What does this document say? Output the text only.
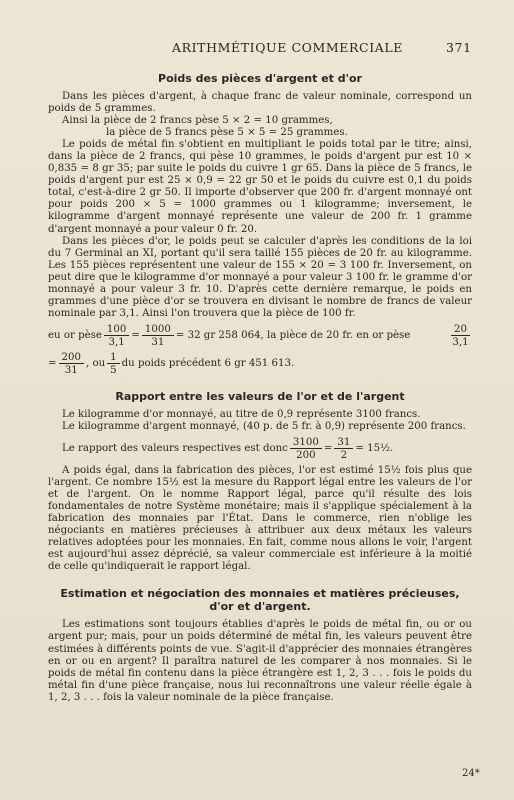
ARITHMÉTIQUE COMMERCIALE	371
Poids des pièces d'argent et d'or

Dans les pièces d'argent, à chaque franc de valeur nominale, correspond un poids de 5 grammes.

Ainsi la pièce de 2 francs pèse 5 ⨯ 2 = 10 grammes,

la pièce de 5 francs pèse 5 ⨯ 5 = 25 grammes.

Le poids de métal fin s'obtient en multipliant le poids total par le titre; ainsi, dans la pièce de 2 francs, qui pèse 10 grammes, le poids d'argent pur est 10 ⨯ 0,835 = 8 gr 35; par suite le poids du cuivre 1 gr 65. Dans la pièce de 5 francs, le poids d'argent pur est 25 ⨯ 0,9 = 22 gr 50 et le poids du cuivre est 0,1 du poids total, c'est-à-dire 2 gr 50. Il importe d'observer que 200 fr. d'argent monnayé ont pour poids 200 ⨯ 5 = 1000 grammes ou 1 kilogramme; inversement, le kilogramme d'argent monnayé représente une valeur de 200 fr. 1 gramme d'argent monnayé a pour valeur 0 fr. 20.

Dans les pièces d'or, le poids peut se calculer d'après les conditions de la loi du 7 Germinal an XI, portant qu'il sera taillé 155 pièces de 20 fr. au kilogramme. Les 155 pièces représentent une valeur de 155 ⨯ 20 = 3 100 fr. Inversement, on peut dire que le kilogramme d'or monnayé a pour valeur 3 100 fr. le gramme d'or monnayé a pour valeur 3 fr. 10. D'après cette dernière remarque, le poids en grammes d'une pièce d'or se trouvera en divisant le nombre de francs de valeur nominale par 3,1. Ainsi l'on trouvera que la pièce de 100 fr.

eu or pèse $\frac{100}{3,1} = \frac{1000}{31} = 32$ gr 258 064, la pièce de 20 fr. en or pèse	$\frac{20}{3,1}$
= $\frac{200}{31}$ , ou $\frac{1}{5}$ du poids précédent 6 gr 451 613.
Rapport entre les valeurs de l'or et de l'argent

Le kilogramme d'or monnayé, au titre de 0,9 représente 3100 francs.

Le kilogramme d'argent monnayé, (40 p. de 5 fr. à 0,9) représente 200 francs.

Le rapport des valeurs respectives est donc $\frac{3100}{200} = \frac{31}{2}$ = 15½.

A poids égal, dans la fabrication des pièces, l'or est estimé 15½ fois plus que l'argent. Ce nombre 15½ est la mesure du Rapport légal entre les valeurs de l'or et de l'argent. On le nomme Rapport légal, parce qu'il résulte des lois fondamentales de notre Système monétaire; mais il s'applique spécialement à la fabrication des monnaies par l'État. Dans le commerce, rien n'oblige les négociants en matières précieuses à attribuer aux deux métaux les valeurs relatives adoptées pour les monnaies. En fait, comme nous allons le voir, l'argent est aujourd'hui assez déprécié, sa valeur commerciale est inférieure à la moitié de celle qu'indiquerait le rapport légal.

Estimation et négociation des monnaies et matières précieuses, d'or et d'argent.

Les estimations sont toujours établies d'après le poids de métal fin, ou or ou argent pur; mais, pour un poids déterminé de métal fin, les valeurs peuvent être estimées à différents points de vue. S'agit-il d'apprécier des monnaies étrangères en or ou en argent? Il paraîtra naturel de les comparer à nos monnaies. Si le poids de métal fin contenu dans la pièce étrangère est 1, 2, 3 . . . fois le poids du métal fin d'une pièce française, nous lui reconnaîtrons une valeur réelle égale à 1, 2, 3 . . . fois la valeur nominale de la pièce française.

24*
